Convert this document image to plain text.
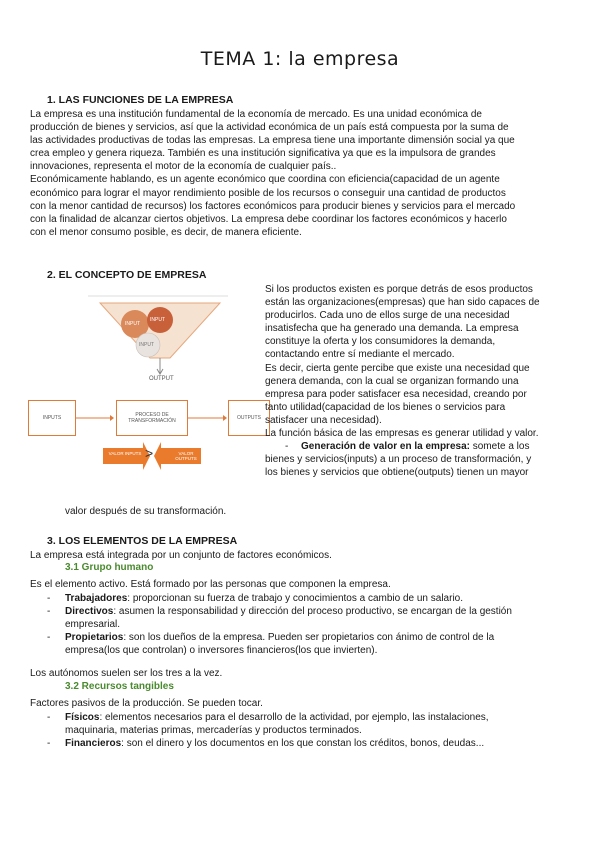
TEMA 1: la empresa
1. LAS FUNCIONES DE LA EMPRESA
La empresa es una institución fundamental de la economía de mercado. Es una unidad económica de
producción de bienes y servicios, así que la actividad económica de un país está compuesta por la suma de
las actividades productivas de todas las empresas. La empresa tiene una importante dimensión social ya que
crea empleo y genera riqueza. También es una institución significativa ya que es la impulsora de grandes
innovaciones, representa el motor de la economía de cualquier país..
Económicamente hablando, es un agente económico que coordina con eficiencia(capacidad de un agente
económico para lograr el mayor rendimiento posible de los recursos o conseguir una cantidad de productos
con la menor cantidad de recursos) los factores económicos para producir bienes y servicios para el mercado
con la finalidad de alcanzar ciertos objetivos. La empresa debe coordinar los factores económicos y hacerlo
con el menor consumo posible, es decir, de manera eficiente.
2. EL CONCEPTO DE EMPRESA
INPUT
INPUT
INPUT
OUTPUT
INPUTS	PROCESO DE TRANSFORMACIÓN	OUTPUTS
VALOR INPUTS	VALOR OUTPUTS
>
Si los productos existen es porque detrás de esos productos
están las organizaciones(empresas) que han sido capaces de
producirlos. Cada uno de ellos surge de una necesidad
insatisfecha que ha generado una demanda. La empresa
constituye la oferta y los consumidores la demanda,
contactando entre sí mediante el mercado.
Es decir, cierta gente percibe que existe una necesidad que
genera demanda, con la cual se organizan formando una
empresa para poder satisfacer esa necesidad, creando por
tanto utilidad(capacidad de los bienes o servicios para
satisfacer una necesidad).
La función básica de las empresas es generar utilidad y valor.
- Generación de valor en la empresa: somete a los
bienes y servicios(inputs) a un proceso de transformación, y
los bienes y servicios que obtiene(outputs) tienen un mayor
valor después de su transformación.
3. LOS ELEMENTOS DE LA EMPRESA
La empresa está integrada por un conjunto de factores económicos.
3.1 Grupo humano
Es el elemento activo. Está formado por las personas que componen la empresa.
- Trabajadores: proporcionan su fuerza de trabajo y conocimientos a cambio de un salario.
- Directivos: asumen la responsabilidad y dirección del proceso productivo, se encargan de la gestión
empresarial.
- Propietarios: son los dueños de la empresa. Pueden ser propietarios con ánimo de control de la
empresa(los que controlan) o inversores financieros(los que invierten).
Los autónomos suelen ser los tres a la vez.
3.2 Recursos tangibles
Factores pasivos de la producción. Se pueden tocar.
- Físicos: elementos necesarios para el desarrollo de la actividad, por ejemplo, las instalaciones,
maquinaria, materias primas, mercaderías y productos terminados.
- Financieros: son el dinero y los documentos en los que constan los créditos, bonos, deudas...
